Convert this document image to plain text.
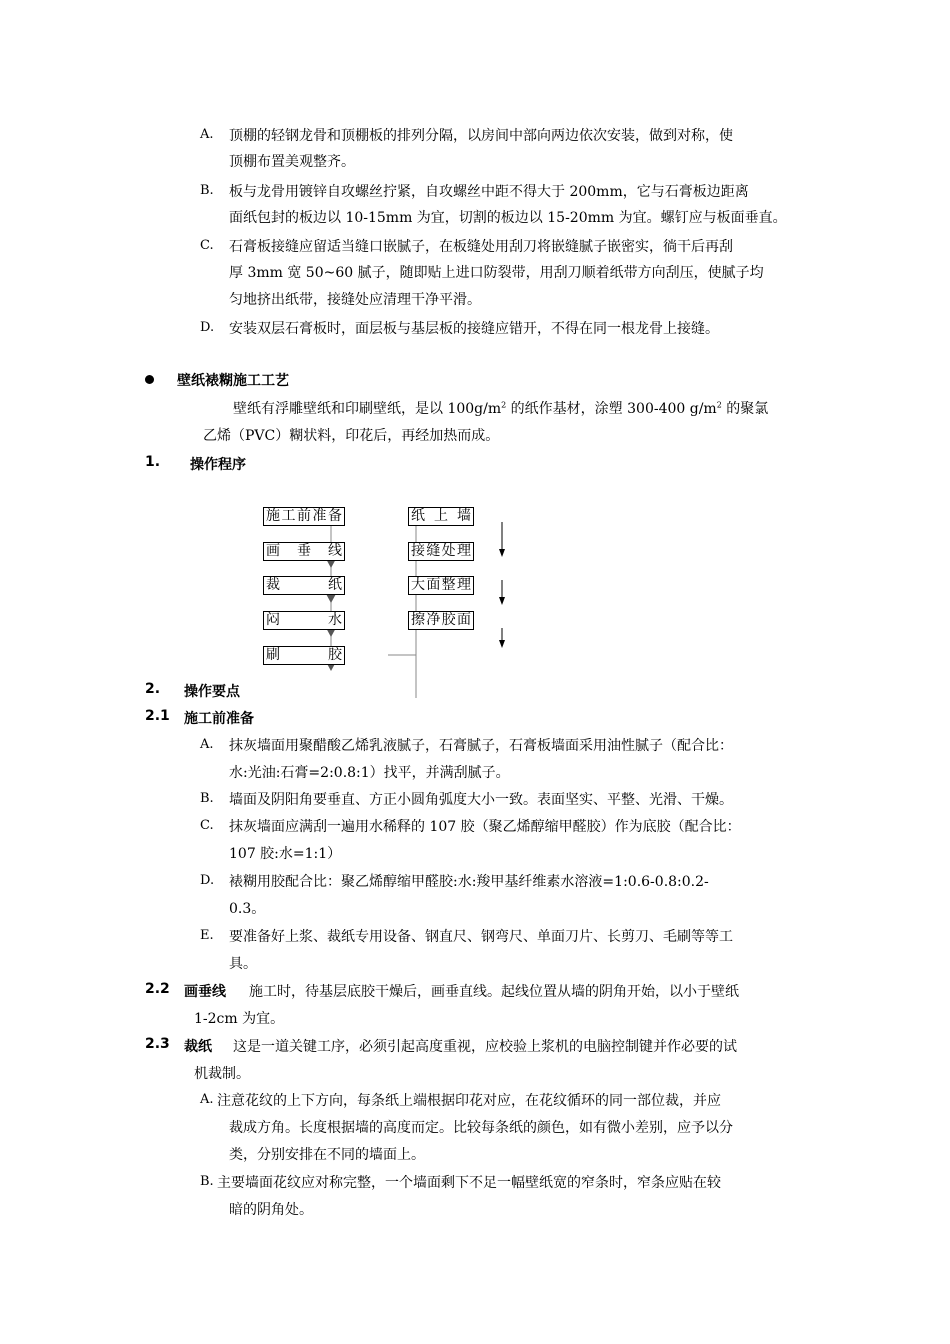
A. 顶棚的轻钢龙骨和顶棚板的排列分隔，以房间中部向两边依次安装，做到对称，使
顶棚布置美观整齐。
B. 板与龙骨用镀锌自攻螺丝拧紧，自攻螺丝中距不得大于 200mm，它与石膏板边距离
面纸包封的板边以 10-15mm 为宜，切割的板边以 15-20mm 为宜。螺钉应与板面垂直。
C. 石膏板接缝应留适当缝口嵌腻子，在板缝处用刮刀将嵌缝腻子嵌密实，徜干后再刮
厚 3mm 宽 50~60 腻子，随即贴上进口防裂带，用刮刀顺着纸带方向刮压，使腻子均
匀地挤出纸带，接缝处应清理干净平滑。
D. 安装双层石膏板时，面层板与基层板的接缝应错开，不得在同一根龙骨上接缝。
壁纸裱糊施工工艺
壁纸有浮雕壁纸和印刷壁纸，是以 $100g/m^2$ 的纸作基材，涂塑 300-400 $g/m^2$ 的聚氯
乙烯（PVC）糊状料，印花后，再经加热而成。
1. 操作程序
施 工 前 准 备
画 垂 线
裁	纸
闷	水
刷	胶
纸 上 墙
接 缝 处 理
大 面 整 理
擦 净 胶 面
2. 操作要点
2.1 施工前准备
A. 抹灰墙面用聚醋酸乙烯乳液腻子，石膏腻子，石膏板墙面采用油性腻子（配合比：
水:光油:石膏=2:0.8:1）找平，并满刮腻子。
B. 墙面及阴阳角要垂直、方正小圆角弧度大小一致。表面坚实、平整、光滑、干燥。
C. 抹灰墙面应满刮一遍用水稀释的 107 胶（聚乙烯醇缩甲醛胶）作为底胶（配合比：
107 胶:水=1:1）
D. 裱糊用胶配合比：聚乙烯醇缩甲醛胶:水:羧甲基纤维素水溶液=1:0.6-0.8:0.2-
0.3。
E. 要准备好上浆、裁纸专用设备、钢直尺、钢弯尺、单面刀片、长剪刀、毛刷等等工
具。
2.2 画垂线 施工时，待基层底胶干燥后，画垂直线。起线位置从墙的阴角开始，以小于壁纸
1-2cm 为宜。
2.3 裁纸 这是一道关键工序，必须引起高度重视，应校验上浆机的电脑控制键并作必要的试
机裁制。
A. 注意花纹的上下方向，每条纸上端根据印花对应，在花纹循环的同一部位裁，并应
裁成方角。长度根据墙的高度而定。比较每条纸的颜色，如有微小差别，应予以分
类，分别安排在不同的墙面上。
B. 主要墙面花纹应对称完整，一个墙面剩下不足一幅壁纸宽的窄条时，窄条应贴在较
暗的阴角处。
